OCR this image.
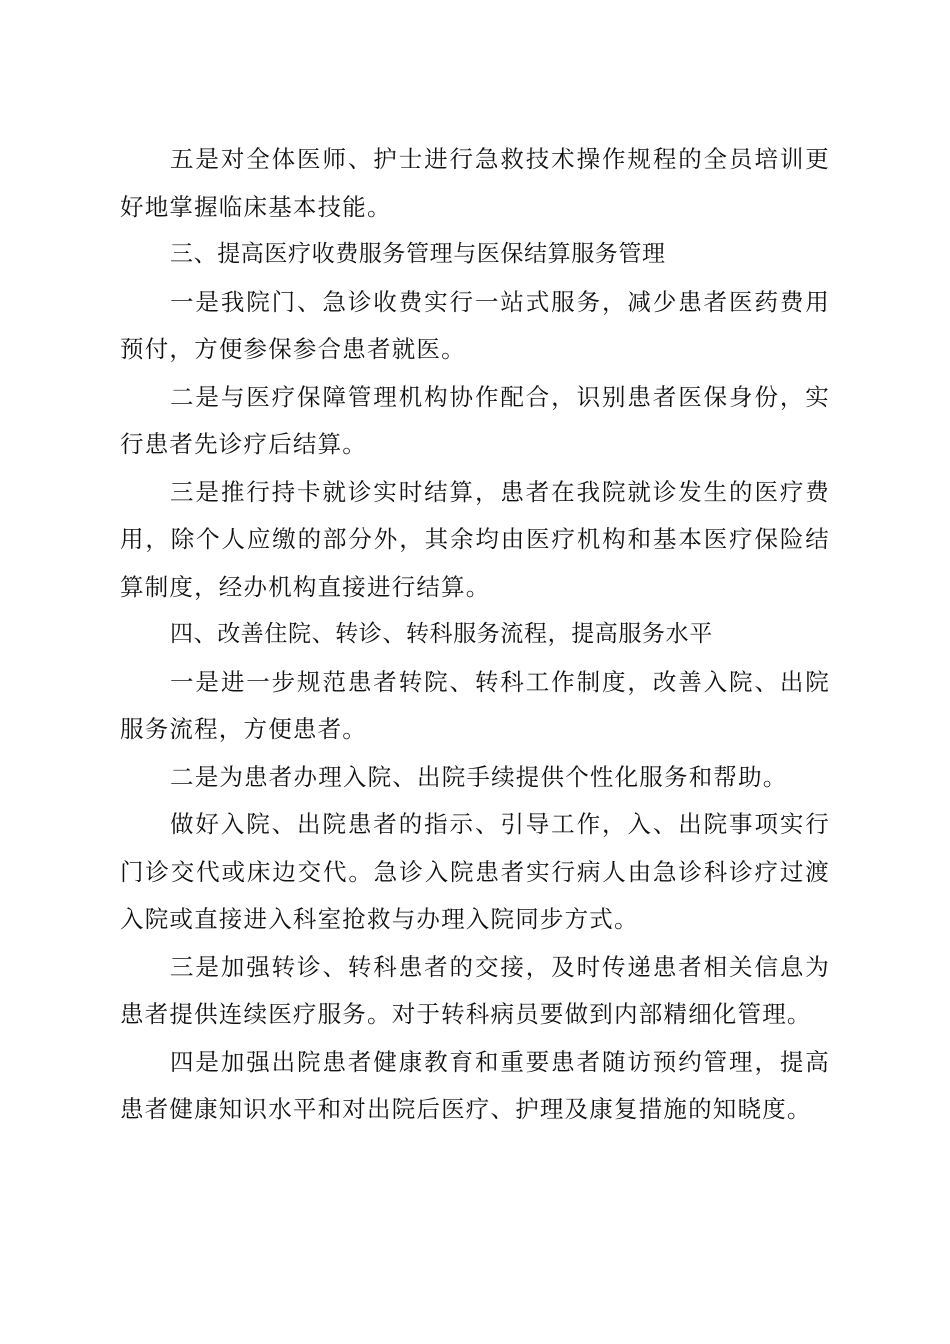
五是对全体医师、护士进行急救技术操作规程的全员培训更好地掌握临床基本技能。

三、提高医疗收费服务管理与医保结算服务管理

一是我院门、急诊收费实行一站式服务，减少患者医药费用预付，方便参保参合患者就医。

二是与医疗保障管理机构协作配合，识别患者医保身份，实行患者先诊疗后结算。

三是推行持卡就诊实时结算，患者在我院就诊发生的医疗费用，除个人应缴的部分外，其余均由医疗机构和基本医疗保险结算制度，经办机构直接进行结算。

四、改善住院、转诊、转科服务流程，提高服务水平

一是进一步规范患者转院、转科工作制度，改善入院、出院服务流程，方便患者。

二是为患者办理入院、出院手续提供个性化服务和帮助。

做好入院、出院患者的指示、引导工作，入、出院事项实行门诊交代或床边交代。急诊入院患者实行病人由急诊科诊疗过渡入院或直接进入科室抢救与办理入院同步方式。

三是加强转诊、转科患者的交接，及时传递患者相关信息为患者提供连续医疗服务。对于转科病员要做到内部精细化管理。

四是加强出院患者健康教育和重要患者随访预约管理，提高患者健康知识水平和对出院后医疗、护理及康复措施的知晓度。
